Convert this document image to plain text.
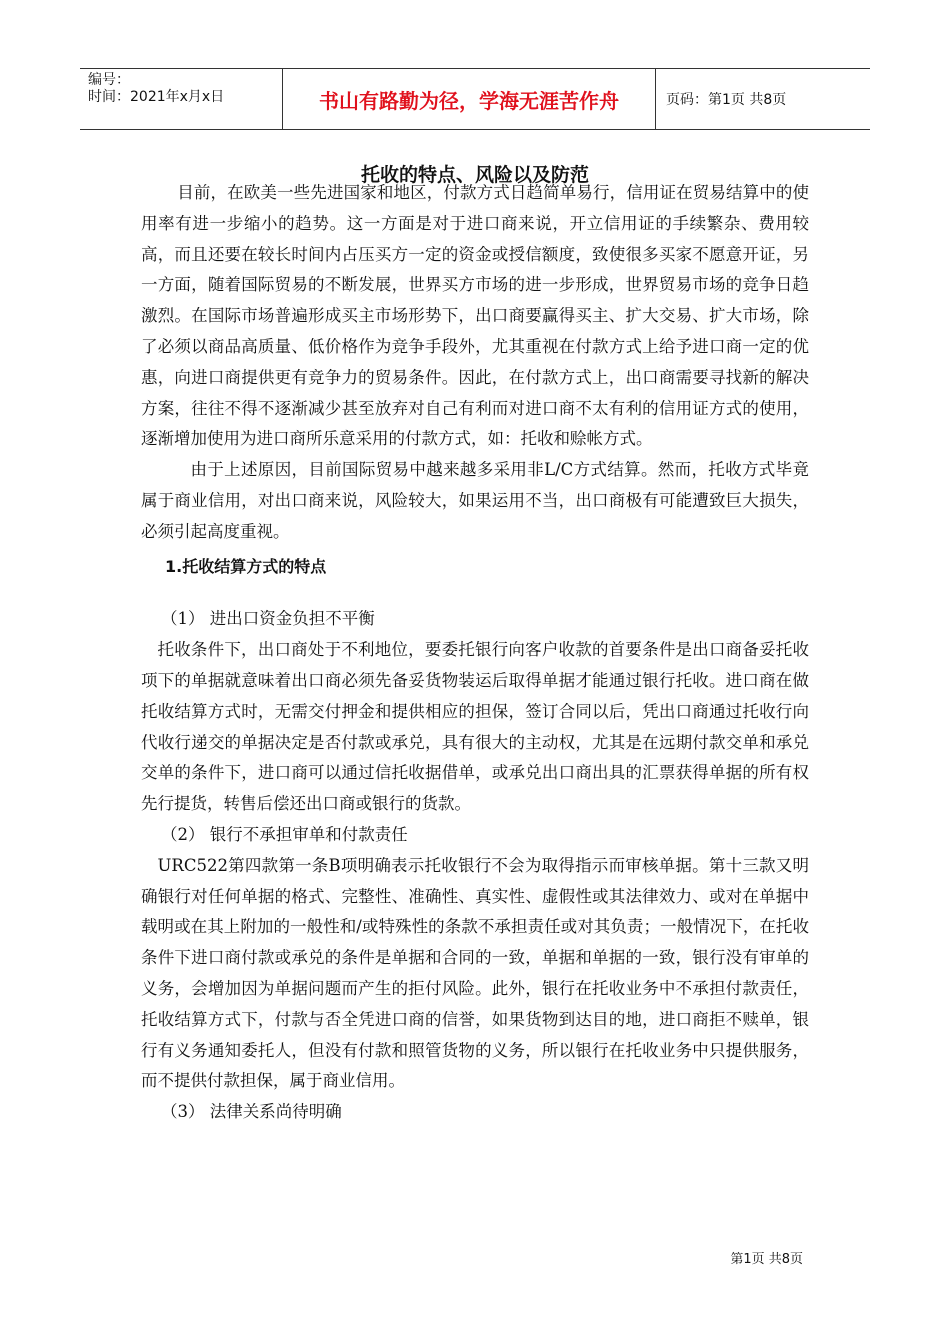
编号：
时间：2021年x月x日	书山有路勤为径，学海无涯苦作舟	页码：第1页 共8页
托收的特点、风险以及防范

目前，在欧美一些先进国家和地区，付款方式日趋简单易行，信用证在贸易结算中的使用率有进一步缩小的趋势。这一方面是对于进口商来说，开立信用证的手续繁杂、费用较高，而且还要在较长时间内占压买方一定的资金或授信额度，致使很多买家不愿意开证，另一方面，随着国际贸易的不断发展，世界买方市场的进一步形成，世界贸易市场的竞争日趋激烈。在国际市场普遍形成买主市场形势下，出口商要赢得买主、扩大交易、扩大市场，除了必须以商品高质量、低价格作为竞争手段外，尤其重视在付款方式上给予进口商一定的优惠，向进口商提供更有竞争力的贸易条件。因此，在付款方式上，出口商需要寻找新的解决方案，往往不得不逐渐减少甚至放弃对自己有利而对进口商不太有利的信用证方式的使用，逐渐增加使用为进口商所乐意采用的付款方式，如：托收和赊帐方式。

由于上述原因，目前国际贸易中越来越多采用非L/C方式结算。然而，托收方式毕竟属于商业信用，对出口商来说，风险较大，如果运用不当，出口商极有可能遭致巨大损失，必须引起高度重视。

1.托收结算方式的特点

（1） 进出口资金负担不平衡

托收条件下，出口商处于不利地位，要委托银行向客户收款的首要条件是出口商备妥托收项下的单据就意味着出口商必须先备妥货物装运后取得单据才能通过银行托收。进口商在做托收结算方式时，无需交付押金和提供相应的担保，签订合同以后，凭出口商通过托收行向代收行递交的单据决定是否付款或承兑，具有很大的主动权，尤其是在远期付款交单和承兑交单的条件下，进口商可以通过信托收据借单，或承兑出口商出具的汇票获得单据的所有权先行提货，转售后偿还出口商或银行的货款。

（2） 银行不承担审单和付款责任

URC522第四款第一条B项明确表示托收银行不会为取得指示而审核单据。第十三款又明确银行对任何单据的格式、完整性、准确性、真实性、虚假性或其法律效力、或对在单据中载明或在其上附加的一般性和/或特殊性的条款不承担责任或对其负责；一般情况下，在托收条件下进口商付款或承兑的条件是单据和合同的一致，单据和单据的一致，银行没有审单的义务，会增加因为单据问题而产生的拒付风险。此外，银行在托收业务中不承担付款责任，托收结算方式下，付款与否全凭进口商的信誉，如果货物到达目的地，进口商拒不赎单，银行有义务通知委托人，但没有付款和照管货物的义务，所以银行在托收业务中只提供服务，而不提供付款担保，属于商业信用。

（3） 法律关系尚待明确

第1页 共8页
